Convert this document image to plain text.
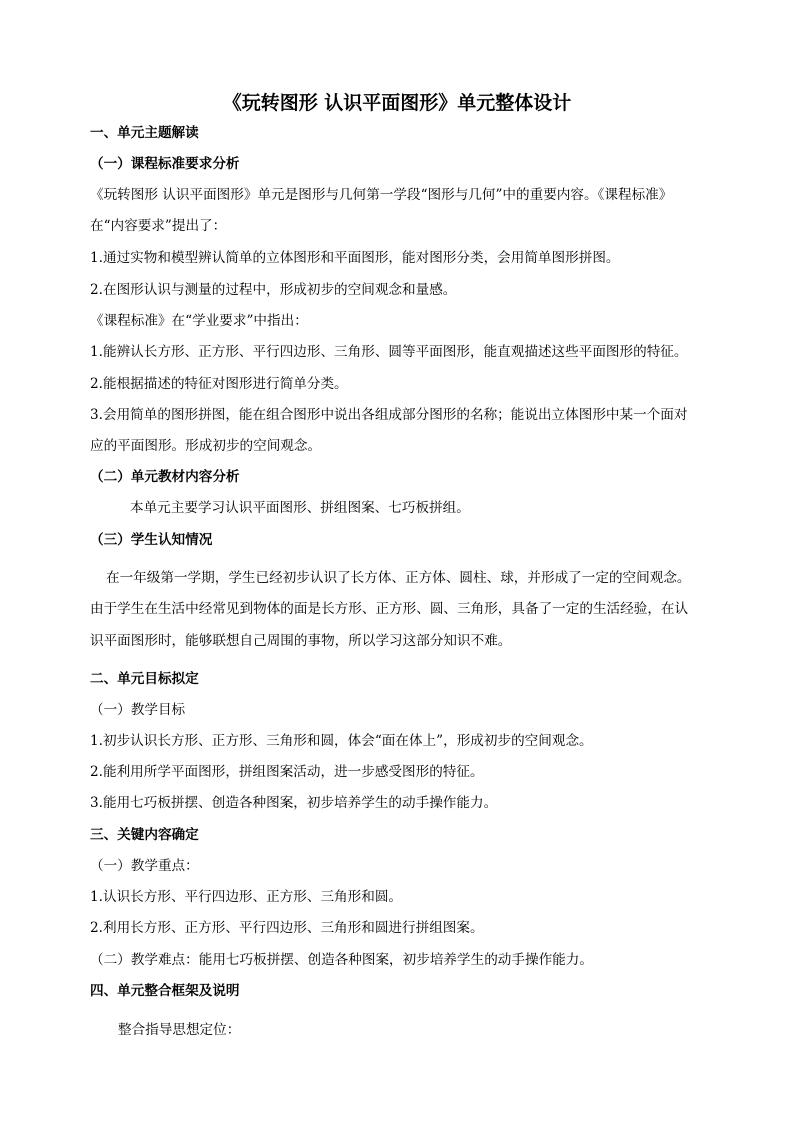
《玩转图形 认识平面图形》单元整体设计
一、单元主题解读
（一）课程标准要求分析
《玩转图形 认识平面图形》单元是图形与几何第一学段“图形与几何”中的重要内容。《课程标准》
在“内容要求”提出了：
1.通过实物和模型辨认简单的立体图形和平面图形，能对图形分类，会用简单图形拼图。
2.在图形认识与测量的过程中，形成初步的空间观念和量感。
《课程标准》在“学业要求”中指出：
1.能辨认长方形、正方形、平行四边形、三角形、圆等平面图形，能直观描述这些平面图形的特征。
2.能根据描述的特征对图形进行简单分类。
3.会用简单的图形拼图，能在组合图形中说出各组成部分图形的名称；能说出立体图形中某一个面对
应的平面图形。形成初步的空间观念。
（二）单元教材内容分析
本单元主要学习认识平面图形、拼组图案、七巧板拼组。
（三）学生认知情况
在一年级第一学期，学生已经初步认识了长方体、正方体、圆柱、球，并形成了一定的空间观念。
由于学生在生活中经常见到物体的面是长方形、正方形、圆、三角形，具备了一定的生活经验，在认
识平面图形时，能够联想自己周围的事物，所以学习这部分知识不难。
二、单元目标拟定
（一）教学目标
1.初步认识长方形、正方形、三角形和圆，体会“面在体上”，形成初步的空间观念。
2.能利用所学平面图形，拼组图案活动，进一步感受图形的特征。
3.能用七巧板拼摆、创造各种图案，初步培养学生的动手操作能力。
三、关键内容确定
（一）教学重点：
1.认识长方形、平行四边形、正方形、三角形和圆。
2.利用长方形、正方形、平行四边形、三角形和圆进行拼组图案。
（二）教学难点：能用七巧板拼摆、创造各种图案，初步培养学生的动手操作能力。
四、单元整合框架及说明
整合指导思想定位：
